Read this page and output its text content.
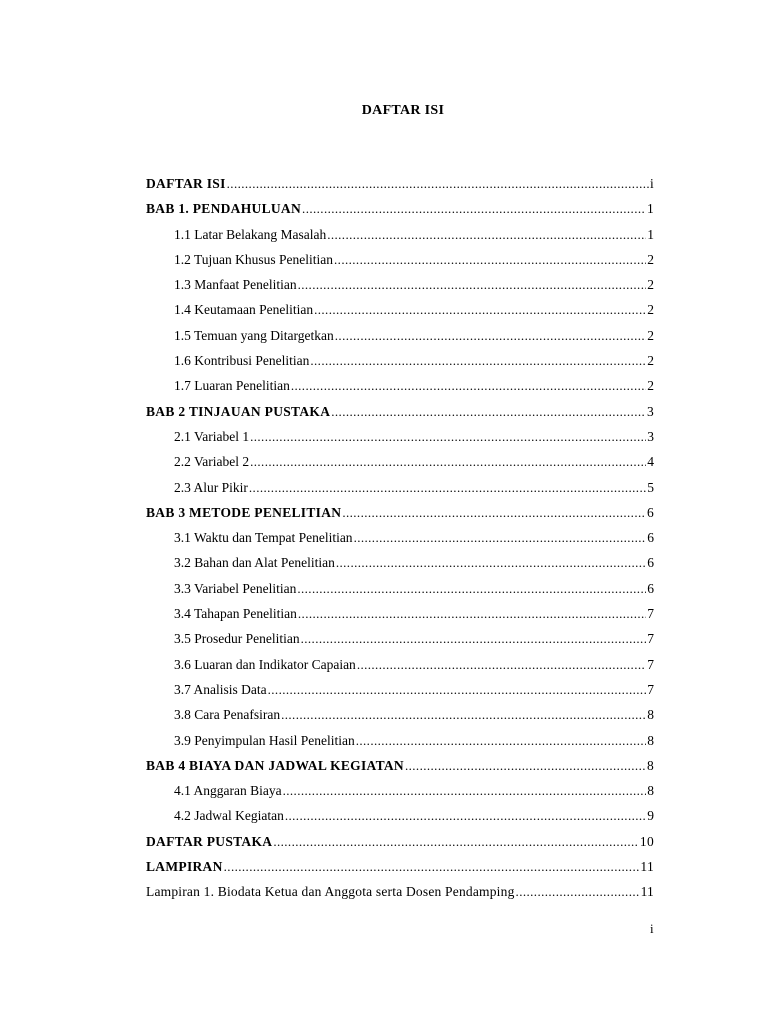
DAFTAR ISI
DAFTAR ISI .....	i
BAB 1. PENDAHULUAN .....	1
1.1 Latar Belakang Masalah .....	1
1.2 Tujuan Khusus Penelitian .....	2
1.3 Manfaat Penelitian .....	2
1.4 Keutamaan Penelitian .....	2
1.5 Temuan yang Ditargetkan .....	2
1.6 Kontribusi Penelitian .....	2
1.7 Luaran Penelitian .....	2
BAB 2 TINJAUAN PUSTAKA .....	3
2.1 Variabel 1 .....	3
2.2 Variabel 2 .....	4
2.3 Alur Pikir .....	5
BAB 3 METODE PENELITIAN .....	6
3.1 Waktu dan Tempat Penelitian .....	6
3.2 Bahan dan Alat Penelitian .....	6
3.3 Variabel Penelitian .....	6
3.4 Tahapan Penelitian .....	7
3.5 Prosedur Penelitian .....	7
3.6 Luaran dan Indikator Capaian .....	7
3.7 Analisis Data .....	7
3.8 Cara Penafsiran .....	8
3.9 Penyimpulan Hasil Penelitian .....	8
BAB 4 BIAYA DAN JADWAL KEGIATAN .....	8
4.1 Anggaran Biaya .....	8
4.2 Jadwal Kegiatan .....	9
DAFTAR PUSTAKA .....	10
LAMPIRAN .....	11
Lampiran 1. Biodata Ketua dan Anggota serta Dosen Pendamping .....	11
i
